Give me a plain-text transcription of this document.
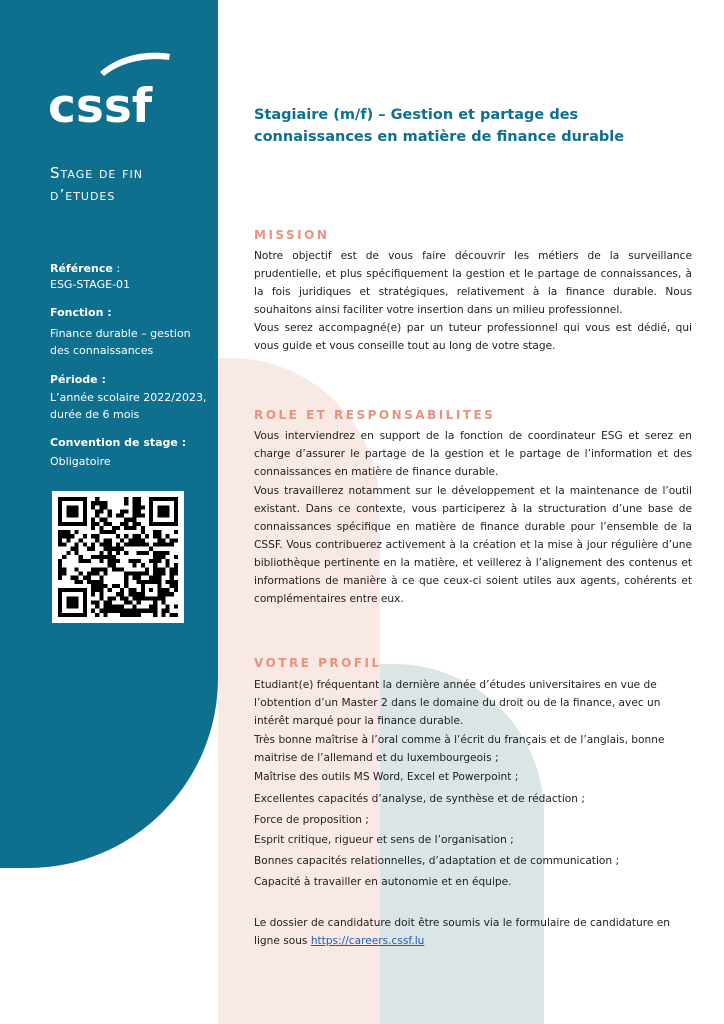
cssf
Stage de fin
d’etudes
Référence :
ESG-STAGE-01
Fonction :
Finance durable – gestion des connaissances
Période :
L’année scolaire 2022/2023, durée de 6 mois
Convention de stage :
Obligatoire
Stagiaire (m/f) – Gestion et partage des connaissances en matière de finance durable
MISSION
Notre objectif est de vous faire découvrir les métiers de la surveillance prudentielle, et plus spécifiquement la gestion et le partage de connaissances, à la fois juridiques et stratégiques, relativement à la finance durable. Nous souhaitons ainsi faciliter votre insertion dans un milieu professionnel.
Vous serez accompagné(e) par un tuteur professionnel qui vous est dédié, qui vous guide et vous conseille tout au long de votre stage.
ROLE ET RESPONSABILITES
Vous interviendrez en support de la fonction de coordinateur ESG et serez en charge d’assurer le partage de la gestion et le partage de l’information et des connaissances en matière de finance durable.
Vous travaillerez notamment sur le développement et la maintenance de l’outil existant. Dans ce contexte, vous participerez à la structuration d’une base de connaissances spécifique en matière de finance durable pour l’ensemble de la CSSF. Vous contribuerez activement à la création et la mise à jour régulière d’une bibliothèque pertinente en la matière, et veillerez à l’alignement des contenus et informations de manière à ce que ceux-ci soient utiles aux agents, cohérents et complémentaires entre eux.
VOTRE PROFIL
Etudiant(e) fréquentant la dernière année d’études universitaires en vue de l’obtention d’un Master 2 dans le domaine du droit ou de la finance, avec un intérêt marqué pour la finance durable.
Très bonne maîtrise à l’oral comme à l’écrit du français et de l’anglais, bonne maitrise de l’allemand et du luxembourgeois ;
Maîtrise des outils MS Word, Excel et Powerpoint ;
Excellentes capacités d’analyse, de synthèse et de rédaction ;
Force de proposition ;
Esprit critique, rigueur et sens de l’organisation ;
Bonnes capacités relationnelles, d’adaptation et de communication ;
Capacité à travailler en autonomie et en équipe.
Le dossier de candidature doit être soumis via le formulaire de candidature en ligne sous https://careers.cssf.lu
